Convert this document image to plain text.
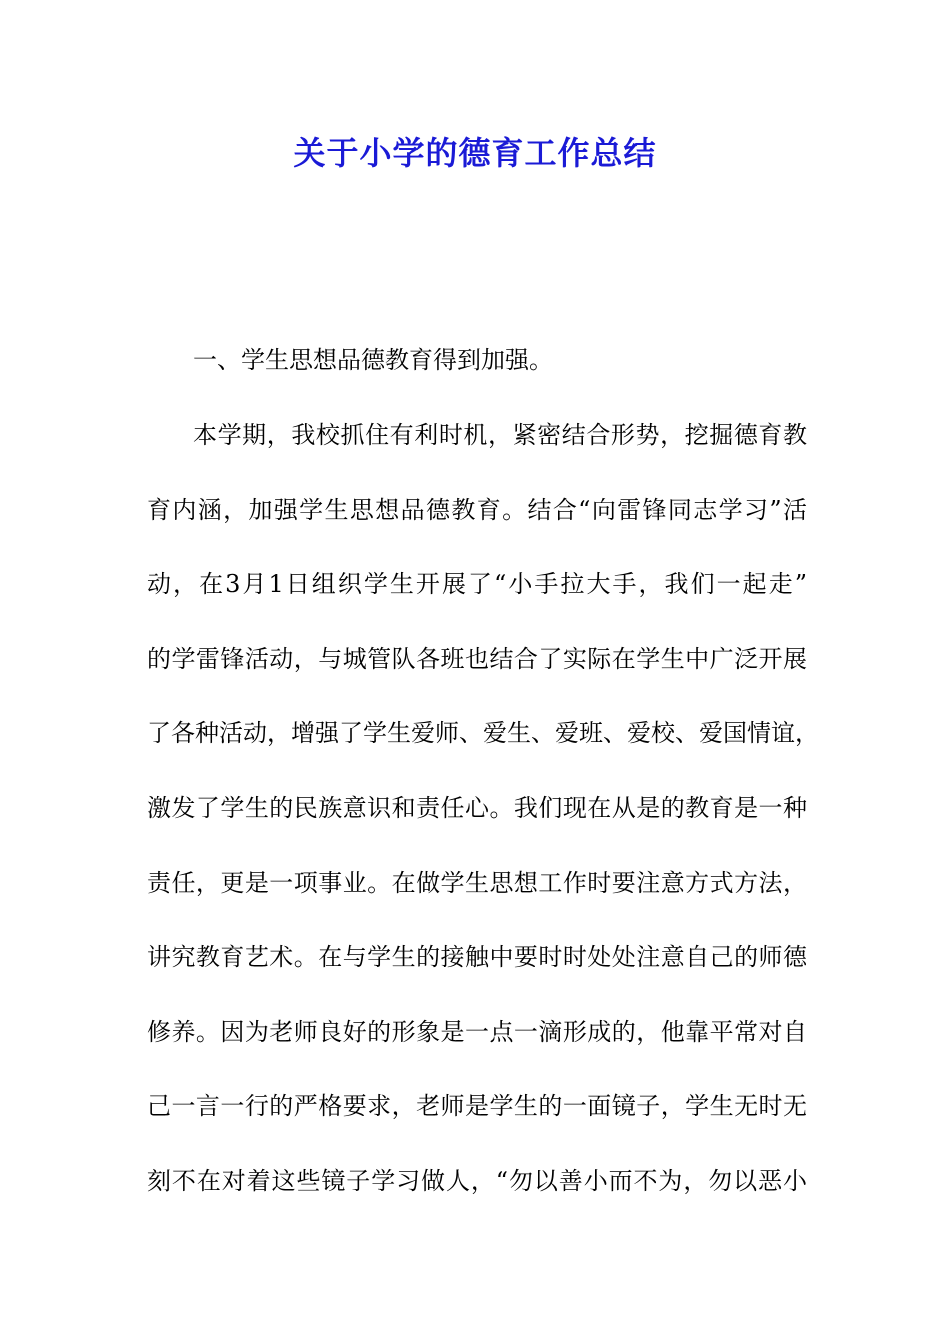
关于小学的德育工作总结

一、学生思想品德教育得到加强。

本学期，我校抓住有利时机，紧密结合形势，挖掘德育教

育内涵，加强学生思想品德教育。结合“向雷锋同志学习”活

动，在3月1日组织学生开展了“小手拉大手，我们一起走”

的学雷锋活动，与城管队各班也结合了实际在学生中广泛开展

了各种活动，增强了学生爱师、爱生、爱班、爱校、爱国情谊，

激发了学生的民族意识和责任心。我们现在从是的教育是一种

责任，更是一项事业。在做学生思想工作时要注意方式方法，

讲究教育艺术。在与学生的接触中要时时处处注意自己的师德

修养。因为老师良好的形象是一点一滴形成的，他靠平常对自

己一言一行的严格要求，老师是学生的一面镜子，学生无时无

刻不在对着这些镜子学习做人，“勿以善小而不为，勿以恶小
